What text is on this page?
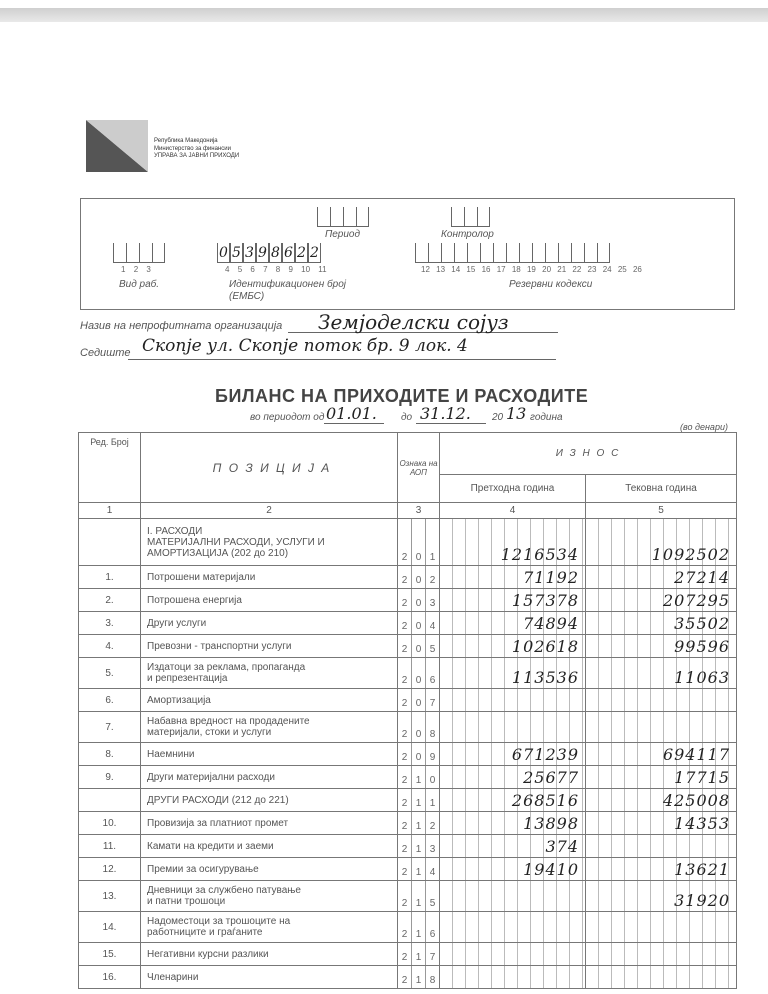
Република Македонија
Министерство за финансии
УПРАВА ЗА ЈАВНИ ПРИХОДИ
Период	Контролор
0 5 3 9 8 6 2 2
1 2 3	4 5 6 7 8 9 10 11	12 13 14 15 16 17 18 19 20 21 22 23 24 25 26
Вид раб.	Идентификационен број
(ЕМБС)
Резервни кодекси
Назив на непрофитната организација Земјоделски сојуз
Седиште Скопје ул. Скопје поток бр. 9 лок. 4
БИЛАНС НА ПРИХОДИТЕ И РАСХОДИТЕ
во периодот од 01.01. до 31.12. 20 13 година
(во денари)
Ред. Број	П О З И Ц И Ј А	Ознака на АОП	И З Н О С	
			Претходна година	Тековна година
1	2	3	4	5

	I. РАСХОДИ
МАТЕРИЈАЛНИ РАСХОДИ, УСЛУГИ И
АМОРТИЗАЦИЈА (202 до 210)	2 0 1	1216534	1092502

1.	Потрошени материјали	2 0 2	71192	27214

2.	Потрошена енергија	2 0 3	157378	207295

3.	Други услуги	2 0 4	74894	35502

4.	Превозни - транспортни услуги	2 0 5	102618	99596

5.	Издатоци за реклама, пропаганда
и репрезентација	2 0 6	113536	11063

6.	Амортизација	2 0 7		

7.	Набавна вредност на продадените
материјали, стоки и услуги	2 0 8		

8.	Наемнини	2 0 9	671239	694117

9.	Други материјални расходи	2 1 0	25677	17715

	ДРУГИ РАСХОДИ (212 до 221)	2 1 1	268516	425008

10.	Провизија за платниот промет	2 1 2	13898	14353

11.	Камати на кредити и заеми	2 1 3	374	

12.	Премии за осигурување	2 1 4	19410	13621

13.	Дневници за службено патување
и патни трошоци	2 1 5		31920

14.	Надоместоци за трошоците на
работниците и граѓаните	2 1 6		

15.	Негативни курсни разлики	2 1 7		

16.	Членарини	2 1 8		
